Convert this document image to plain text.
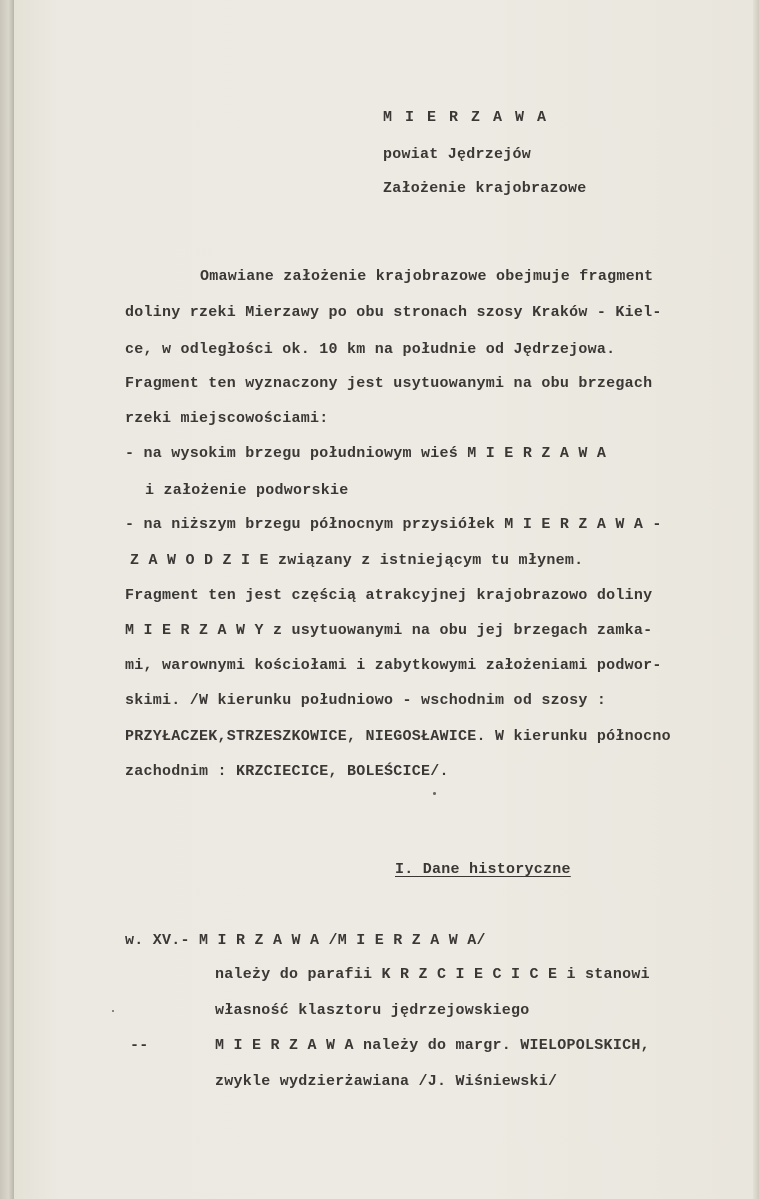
M I E R Z A W A
powiat Jędrzejów
Założenie krajobrazowe
Omawiane założenie krajobrazowe obejmuje fragment
doliny rzeki Mierzawy po obu stronach szosy Kraków - Kiel-
ce, w odległości ok. 10 km na południe od Jędrzejowa.
Fragment ten wyznaczony jest usytuowanymi na obu brzegach
rzeki miejscowościami:
- na wysokim brzegu południowym wieś M I E R Z A W A
i założenie podworskie
- na niższym brzegu północnym przysiółek M I E R Z A W A -
Z A W O D Z I E związany z istniejącym tu młynem.
Fragment ten jest częścią atrakcyjnej krajobrazowo doliny
M I E R Z A W Y z usytuowanymi na obu jej brzegach zamka-
mi, warownymi kościołami i zabytkowymi założeniami podwor-
skimi. /W kierunku południowo - wschodnim od szosy :
PRZYŁACZEK,STRZESZKOWICE, NIEGOSŁAWICE. W kierunku północno
zachodnim : KRZCIECICE, BOLEŚCICE/.
I. Dane historyczne
w. XV.- M I R Z A W A /M I E R Z A W A/
należy do parafii K R Z C I E C I C E i stanowi
własność klasztoru jędrzejowskiego
--	M I E R Z A W A należy do margr. WIELOPOLSKICH,
zwykle wydzierżawiana /J. Wiśniewski/
